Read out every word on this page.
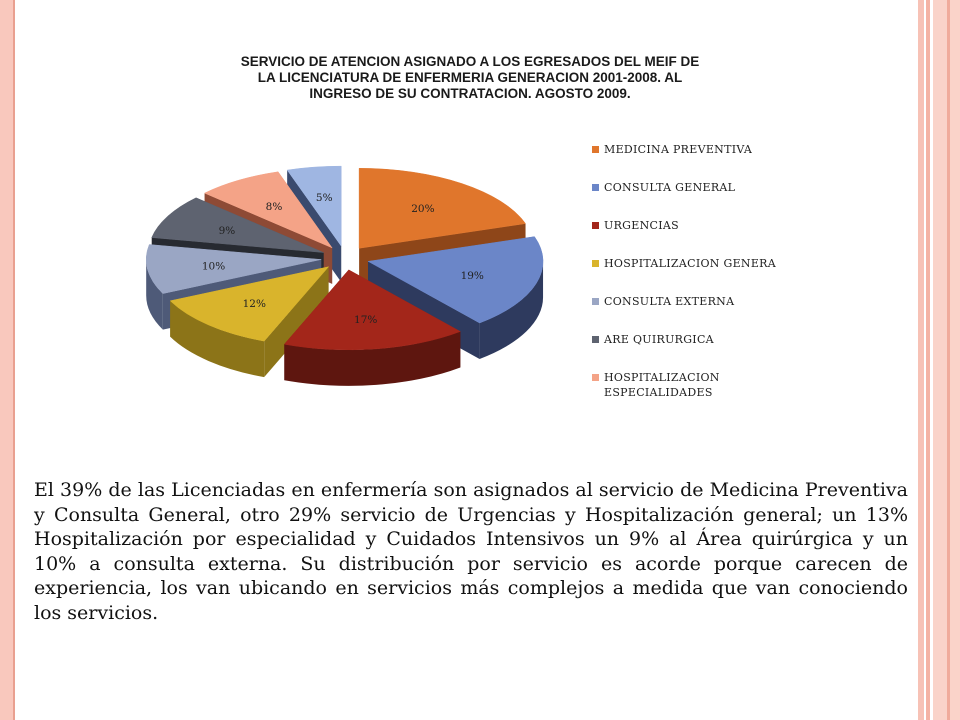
SERVICIO DE ATENCION ASIGNADO A LOS EGRESADOS DEL MEIF DE
LA LICENCIATURA DE ENFERMERIA GENERACION 2001-2008. AL
INGRESO DE SU CONTRATACION. AGOSTO 2009.
20%
19%
17%
12%
10%
9%
8%
5%
MEDICINA PREVENTIVA
CONSULTA GENERAL
URGENCIAS
HOSPITALIZACION GENERA
CONSULTA EXTERNA
ARE QUIRURGICA
HOSPITALIZACION
ESPECIALIDADES
El 39% de las Licenciadas en enfermería son asignados al servicio de Medicina Preventiva y Consulta General, otro 29% servicio de Urgencias y Hospitalización general; un 13% Hospitalización por especialidad y Cuidados Intensivos un 9% al Área quirúrgica y un 10% a consulta externa. Su distribución por servicio es acorde porque carecen de experiencia, los van ubicando en servicios más complejos a medida que van conociendo los servicios.
